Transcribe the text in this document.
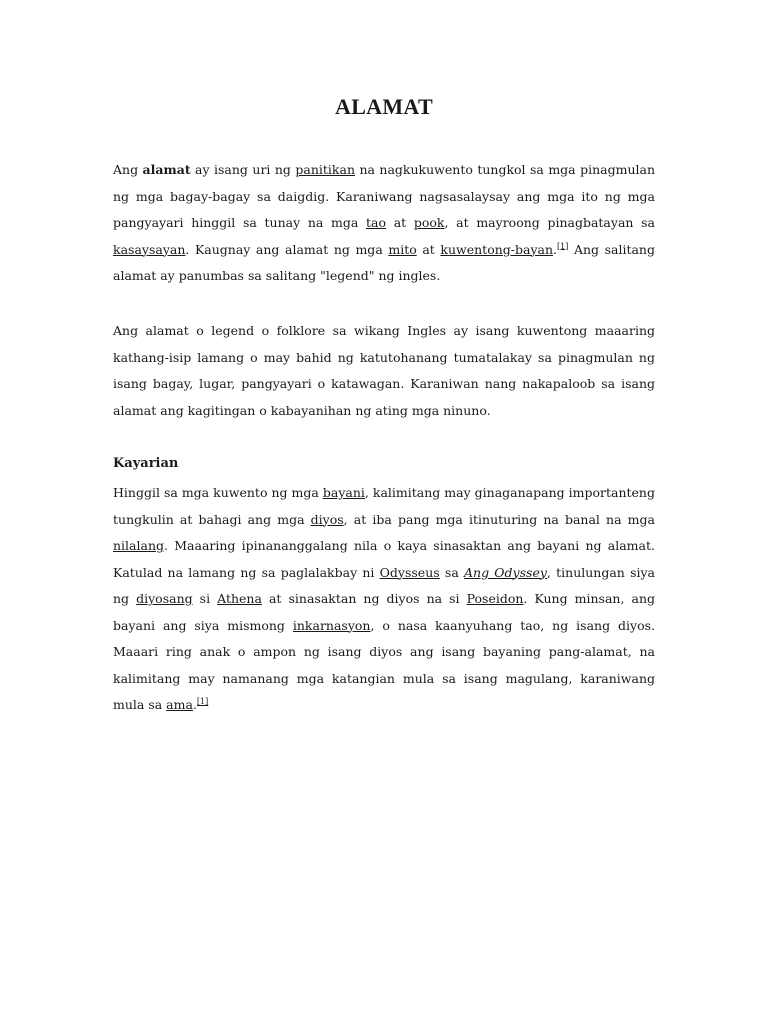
ALAMAT

Ang alamat ay isang uri ng panitikan na nagkukuwento tungkol sa mga pinagmulan ng mga bagay-bagay sa daigdig. Karaniwang nagsasalaysay ang mga ito ng mga pangyayari hinggil sa tunay na mga tao at pook, at mayroong pinagbatayan sa kasaysayan. Kaugnay ang alamat ng mga mito at kuwentong-bayan.[1] Ang salitang alamat ay panumbas sa salitang "legend" ng ingles.

Ang alamat o legend o folklore sa wikang Ingles ay isang kuwentong maaaring kathang-isip lamang o may bahid ng katutohanang tumatalakay sa pinagmulan ng isang bagay, lugar, pangyayari o katawagan. Karaniwan nang nakapaloob sa isang alamat ang kagitingan o kabayanihan ng ating mga ninuno.

Kayarian

Hinggil sa mga kuwento ng mga bayani, kalimitang may ginaganapang importanteng tungkulin at bahagi ang mga diyos, at iba pang mga itinuturing na banal na mga nilalang. Maaaring ipinananggalang nila o kaya sinasaktan ang bayani ng alamat. Katulad na lamang ng sa paglalakbay ni Odysseus sa Ang Odyssey, tinulungan siya ng diyosang si Athena at sinasaktan ng diyos na si Poseidon. Kung minsan, ang bayani ang siya mismong inkarnasyon, o nasa kaanyuhang tao, ng isang diyos. Maaari ring anak o ampon ng isang diyos ang isang bayaning pang-alamat, na kalimitang may namanang mga katangian mula sa isang magulang, karaniwang mula sa ama.[1]
